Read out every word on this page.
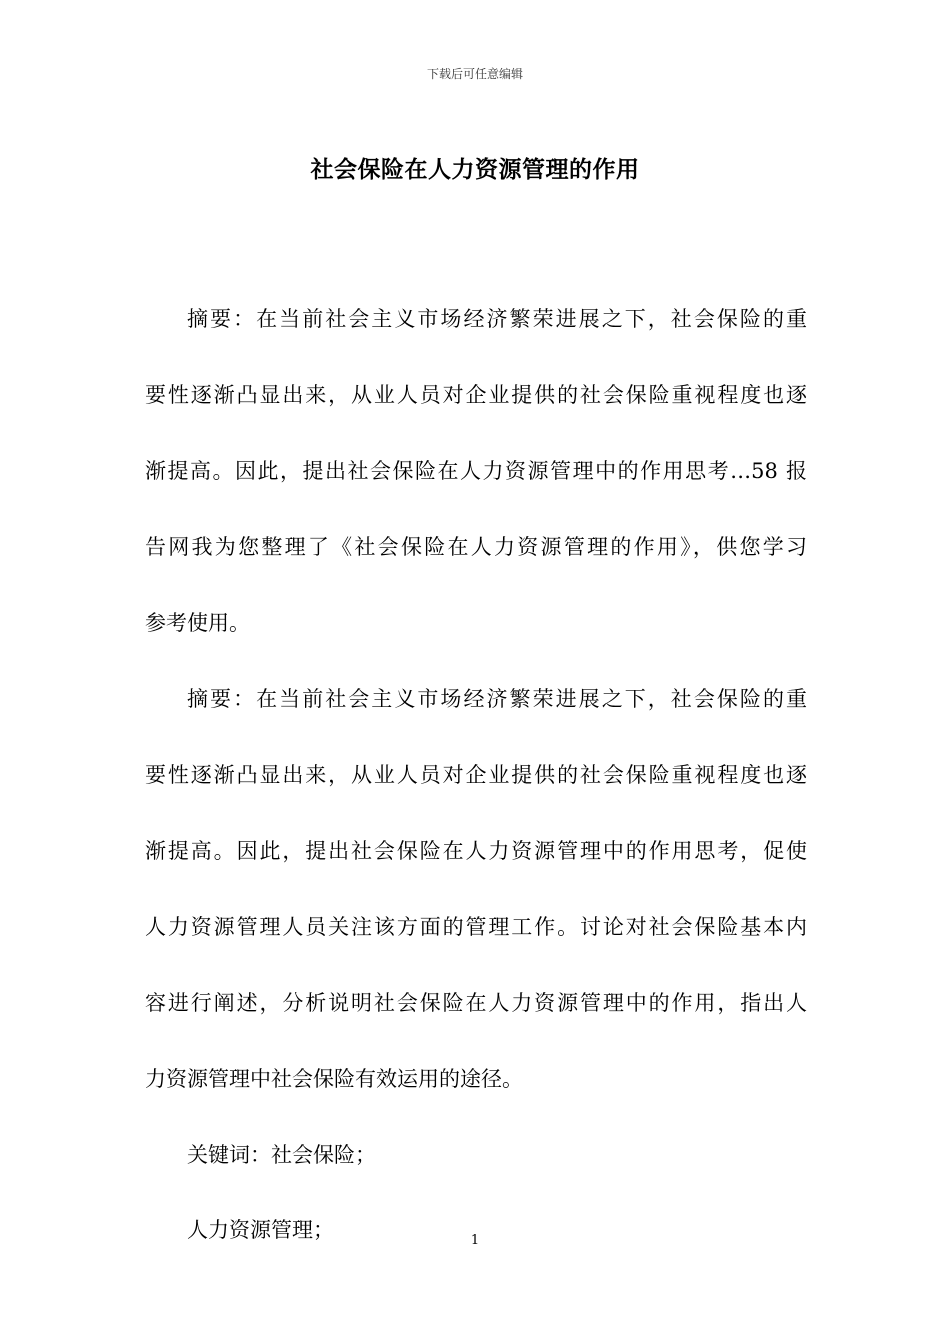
下载后可任意编辑
社会保险在人力资源管理的作用
摘要：在当前社会主义市场经济繁荣进展之下，社会保险的重
要性逐渐凸显出来，从业人员对企业提供的社会保险重视程度也逐
渐提高。因此，提出社会保险在人力资源管理中的作用思考…58 报
告网我为您整理了《社会保险在人力资源管理的作用》，供您学习
参考使用。
摘要：在当前社会主义市场经济繁荣进展之下，社会保险的重
要性逐渐凸显出来，从业人员对企业提供的社会保险重视程度也逐
渐提高。因此，提出社会保险在人力资源管理中的作用思考，促使
人力资源管理人员关注该方面的管理工作。讨论对社会保险基本内
容进行阐述，分析说明社会保险在人力资源管理中的作用，指出人
力资源管理中社会保险有效运用的途径。

关键词：社会保险；

人力资源管理；	1
